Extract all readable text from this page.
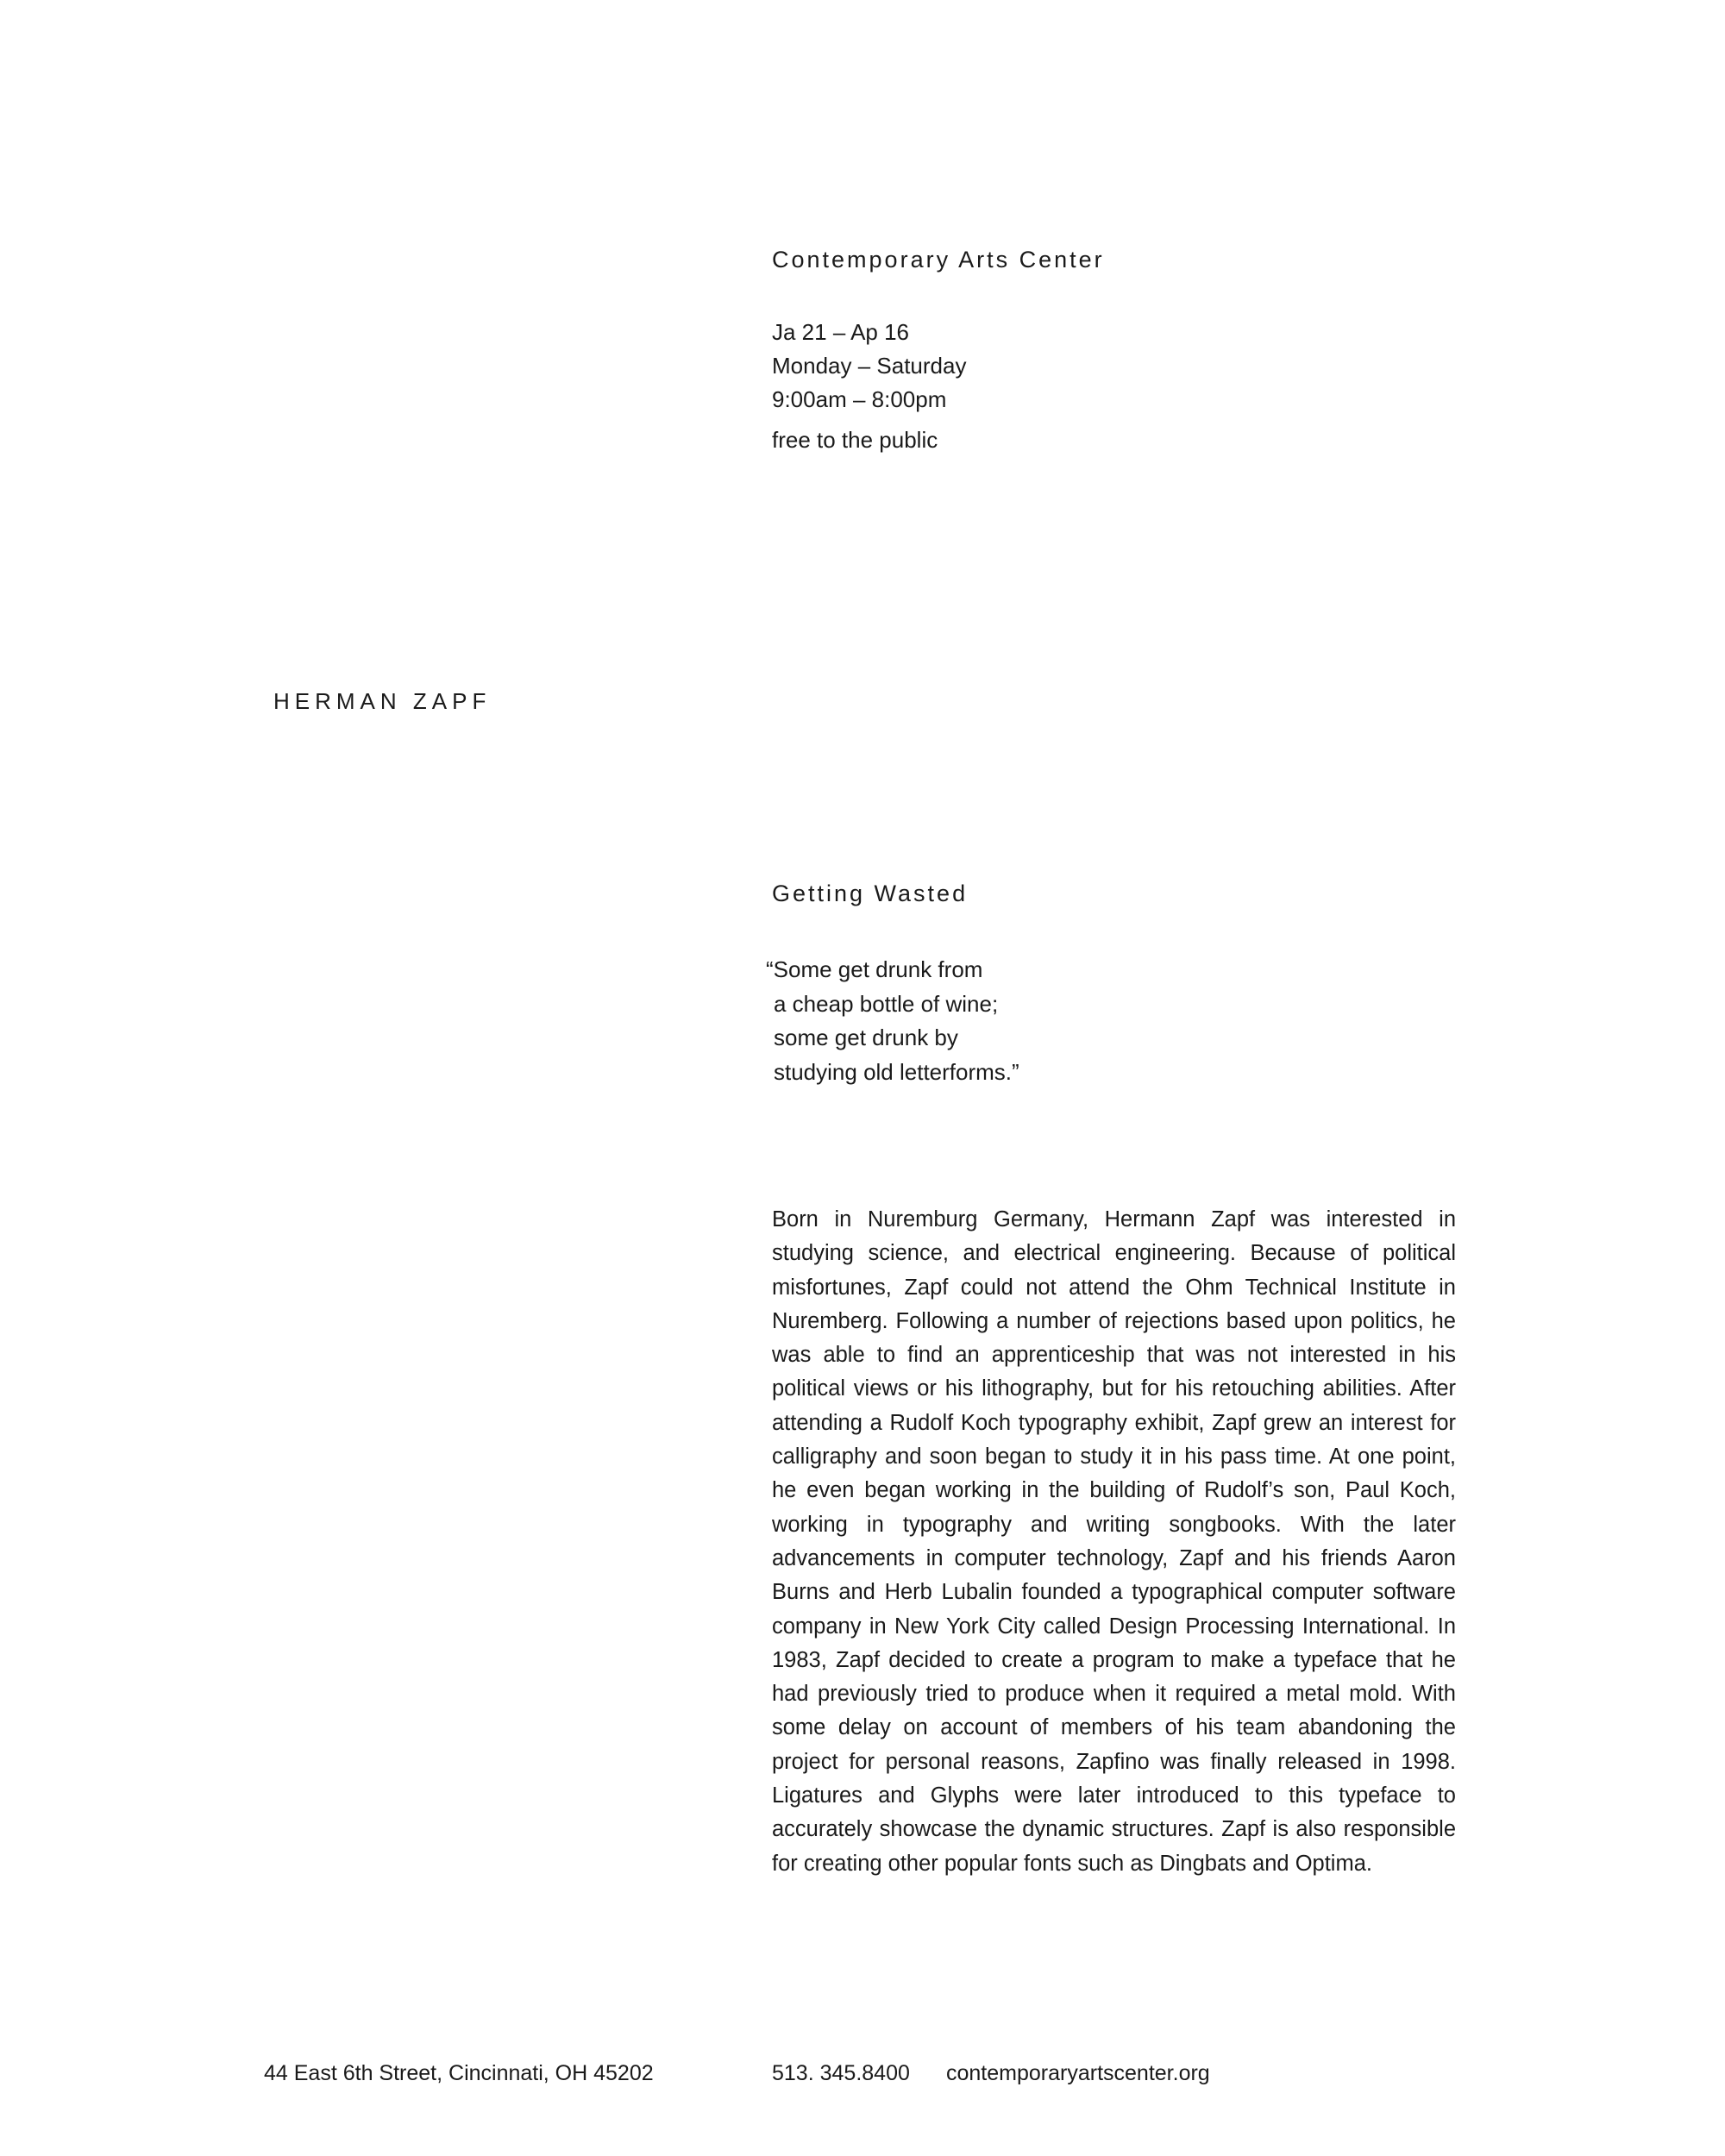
Contemporary Arts Center
Ja 21 – Ap 16
Monday – Saturday
9:00am – 8:00pm

free to the public

HERMAN ZAPF
Getting Wasted
“Some get drunk from
a cheap bottle of wine;
some get drunk by
studying old letterforms.”

Born in Nuremburg Germany, Hermann Zapf was interested in studying science, and electrical engineering. Because of political misfortunes, Zapf could not attend the Ohm Technical Institute in Nuremberg. Following a number of rejections based upon politics, he was able to find an apprenticeship that was not interested in his political views or his lithography, but for his retouching abilities. After attending a Rudolf Koch typography exhibit, Zapf grew an interest for calligraphy and soon began to study it in his pass time. At one point, he even began working in the building of Rudolf’s son, Paul Koch, working in typography and writing songbooks. With the later advancements in computer technology, Zapf and his friends Aaron Burns and Herb Lubalin founded a typographical computer software company in New York City called Design Processing International. In 1983, Zapf decided to create a program to make a typeface that he had previously tried to produce when it required a metal mold. With some delay on account of members of his team abandoning the project for personal reasons, Zapfino was finally released in 1998. Ligatures and Glyphs were later introduced to this typeface to accurately showcase the dynamic structures. Zapf is also responsible for creating other popular fonts such as Dingbats and Optima.

44 East 6th Street, Cincinnati, OH 45202	513. 345.8400 contemporaryartscenter.org
